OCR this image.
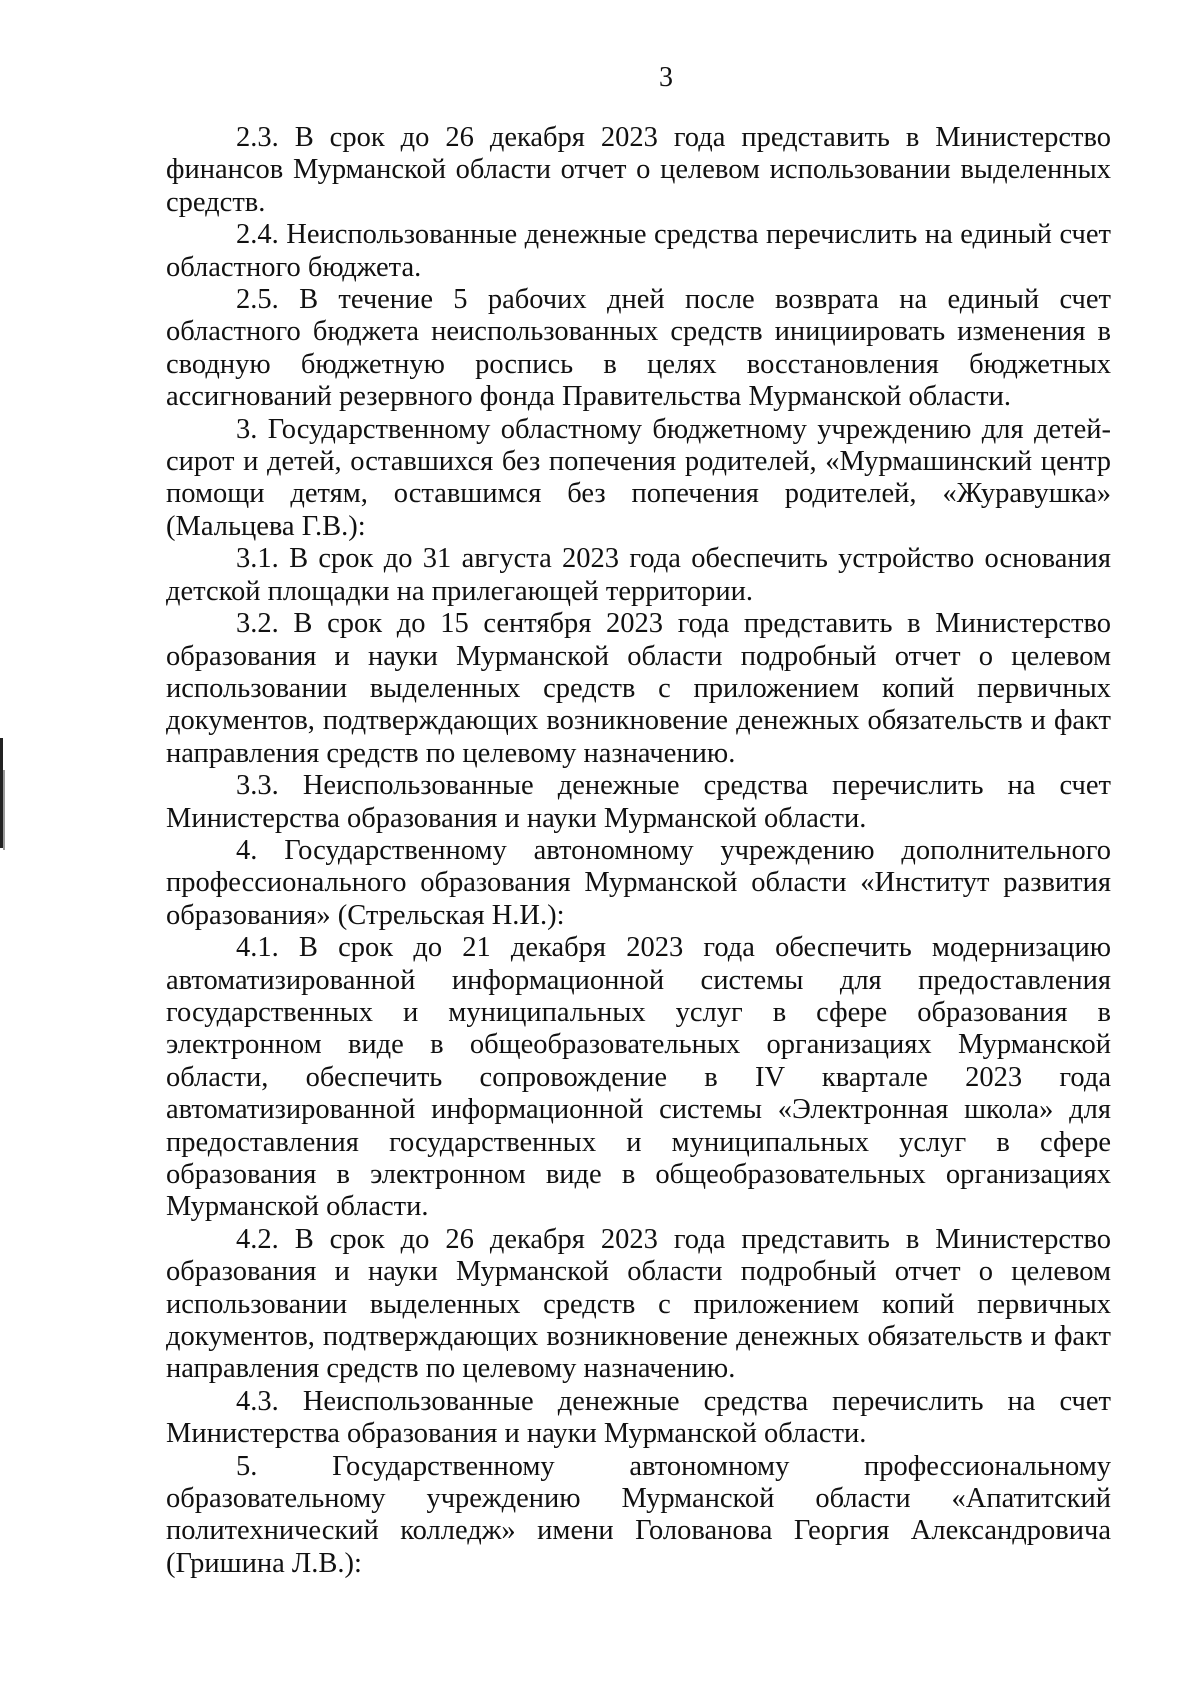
3

2.3. В срок до 26 декабря 2023 года представить в Министерство финансов Мурманской области отчет о целевом использовании выделенных средств.

2.4. Неиспользованные денежные средства перечислить на единый счет областного бюджета.

2.5. В течение 5 рабочих дней после возврата на единый счет областного бюджета неиспользованных средств инициировать изменения в сводную бюджетную роспись в целях восстановления бюджетных ассигнований резервного фонда Правительства Мурманской области.

3. Государственному областному бюджетному учреждению для детей-сирот и детей, оставшихся без попечения родителей, «Мурмашинский центр помощи детям, оставшимся без попечения родителей, «Журавушка» (Мальцева Г.В.):

3.1. В срок до 31 августа 2023 года обеспечить устройство основания детской площадки на прилегающей территории.

3.2. В срок до 15 сентября 2023 года представить в Министерство образования и науки Мурманской области подробный отчет о целевом использовании выделенных средств с приложением копий первичных документов, подтверждающих возникновение денежных обязательств и факт направления средств по целевому назначению.

3.3. Неиспользованные денежные средства перечислить на счет Министерства образования и науки Мурманской области.

4. Государственному автономному учреждению дополнительного профессионального образования Мурманской области «Институт развития образования» (Стрельская Н.И.):

4.1. В срок до 21 декабря 2023 года обеспечить модернизацию автоматизированной информационной системы для предоставления государственных и муниципальных услуг в сфере образования в электронном виде в общеобразовательных организациях Мурманской области, обеспечить сопровождение в IV квартале 2023 года автоматизированной информационной системы «Электронная школа» для предоставления государственных и муниципальных услуг в сфере образования в электронном виде в общеобразовательных организациях Мурманской области.

4.2. В срок до 26 декабря 2023 года представить в Министерство образования и науки Мурманской области подробный отчет о целевом использовании выделенных средств с приложением копий первичных документов, подтверждающих возникновение денежных обязательств и факт направления средств по целевому назначению.

4.3. Неиспользованные денежные средства перечислить на счет Министерства образования и науки Мурманской области.

5. Государственному автономному профессиональному образовательному учреждению Мурманской области «Апатитский политехнический колледж» имени Голованова Георгия Александровича (Гришина Л.В.):
